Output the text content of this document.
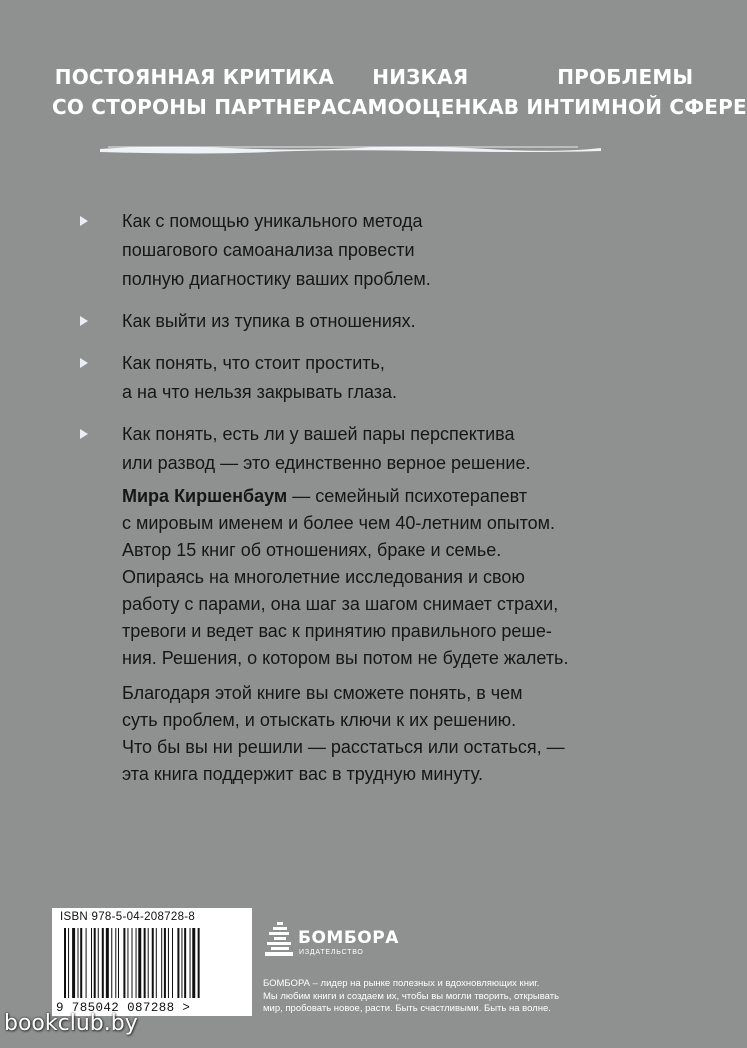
ПОСТОЯННАЯ КРИТИКА
СО СТОРОНЫ ПАРТНЕРА
НИЗКАЯ
САМООЦЕНКА
ПРОБЛЕМЫ
В ИНТИМНОЙ СФЕРЕ
Как с помощью уникального метода
пошагового самоанализа провести
полную диагностику ваших проблем.
Как выйти из тупика в отношениях.
Как понять, что стоит простить,
а на что нельзя закрывать глаза.
Как понять, есть ли у вашей пары перспектива
или развод — это единственно верное решение.

Мира Киршенбаум — семейный психотерапевт
с мировым именем и более чем 40-летним опытом.
Автор 15 книг об отношениях, браке и семье.
Опираясь на многолетние исследования и свою
работу с парами, она шаг за шагом снимает страхи,
тревоги и ведет вас к принятию правильного реше-
ния. Решения, о котором вы потом не будете жалеть.

Благодаря этой книге вы сможете понять, в чем
суть проблем, и отыскать ключи к их решению.
Что бы вы ни решили — расстаться или остаться, —
эта книга поддержит вас в трудную минуту.

ISBN 978-5-04-208728-8
9 785042 087288 >
БОМБОРА
ИЗДАТЕЛЬСТВО
БОМБОРА – лидер на рынке полезных и вдохновляющих книг.
Мы любим книги и создаем их, чтобы вы могли творить, открывать
мир, пробовать новое, расти. Быть счастливыми. Быть на волне.
bookclub.by
